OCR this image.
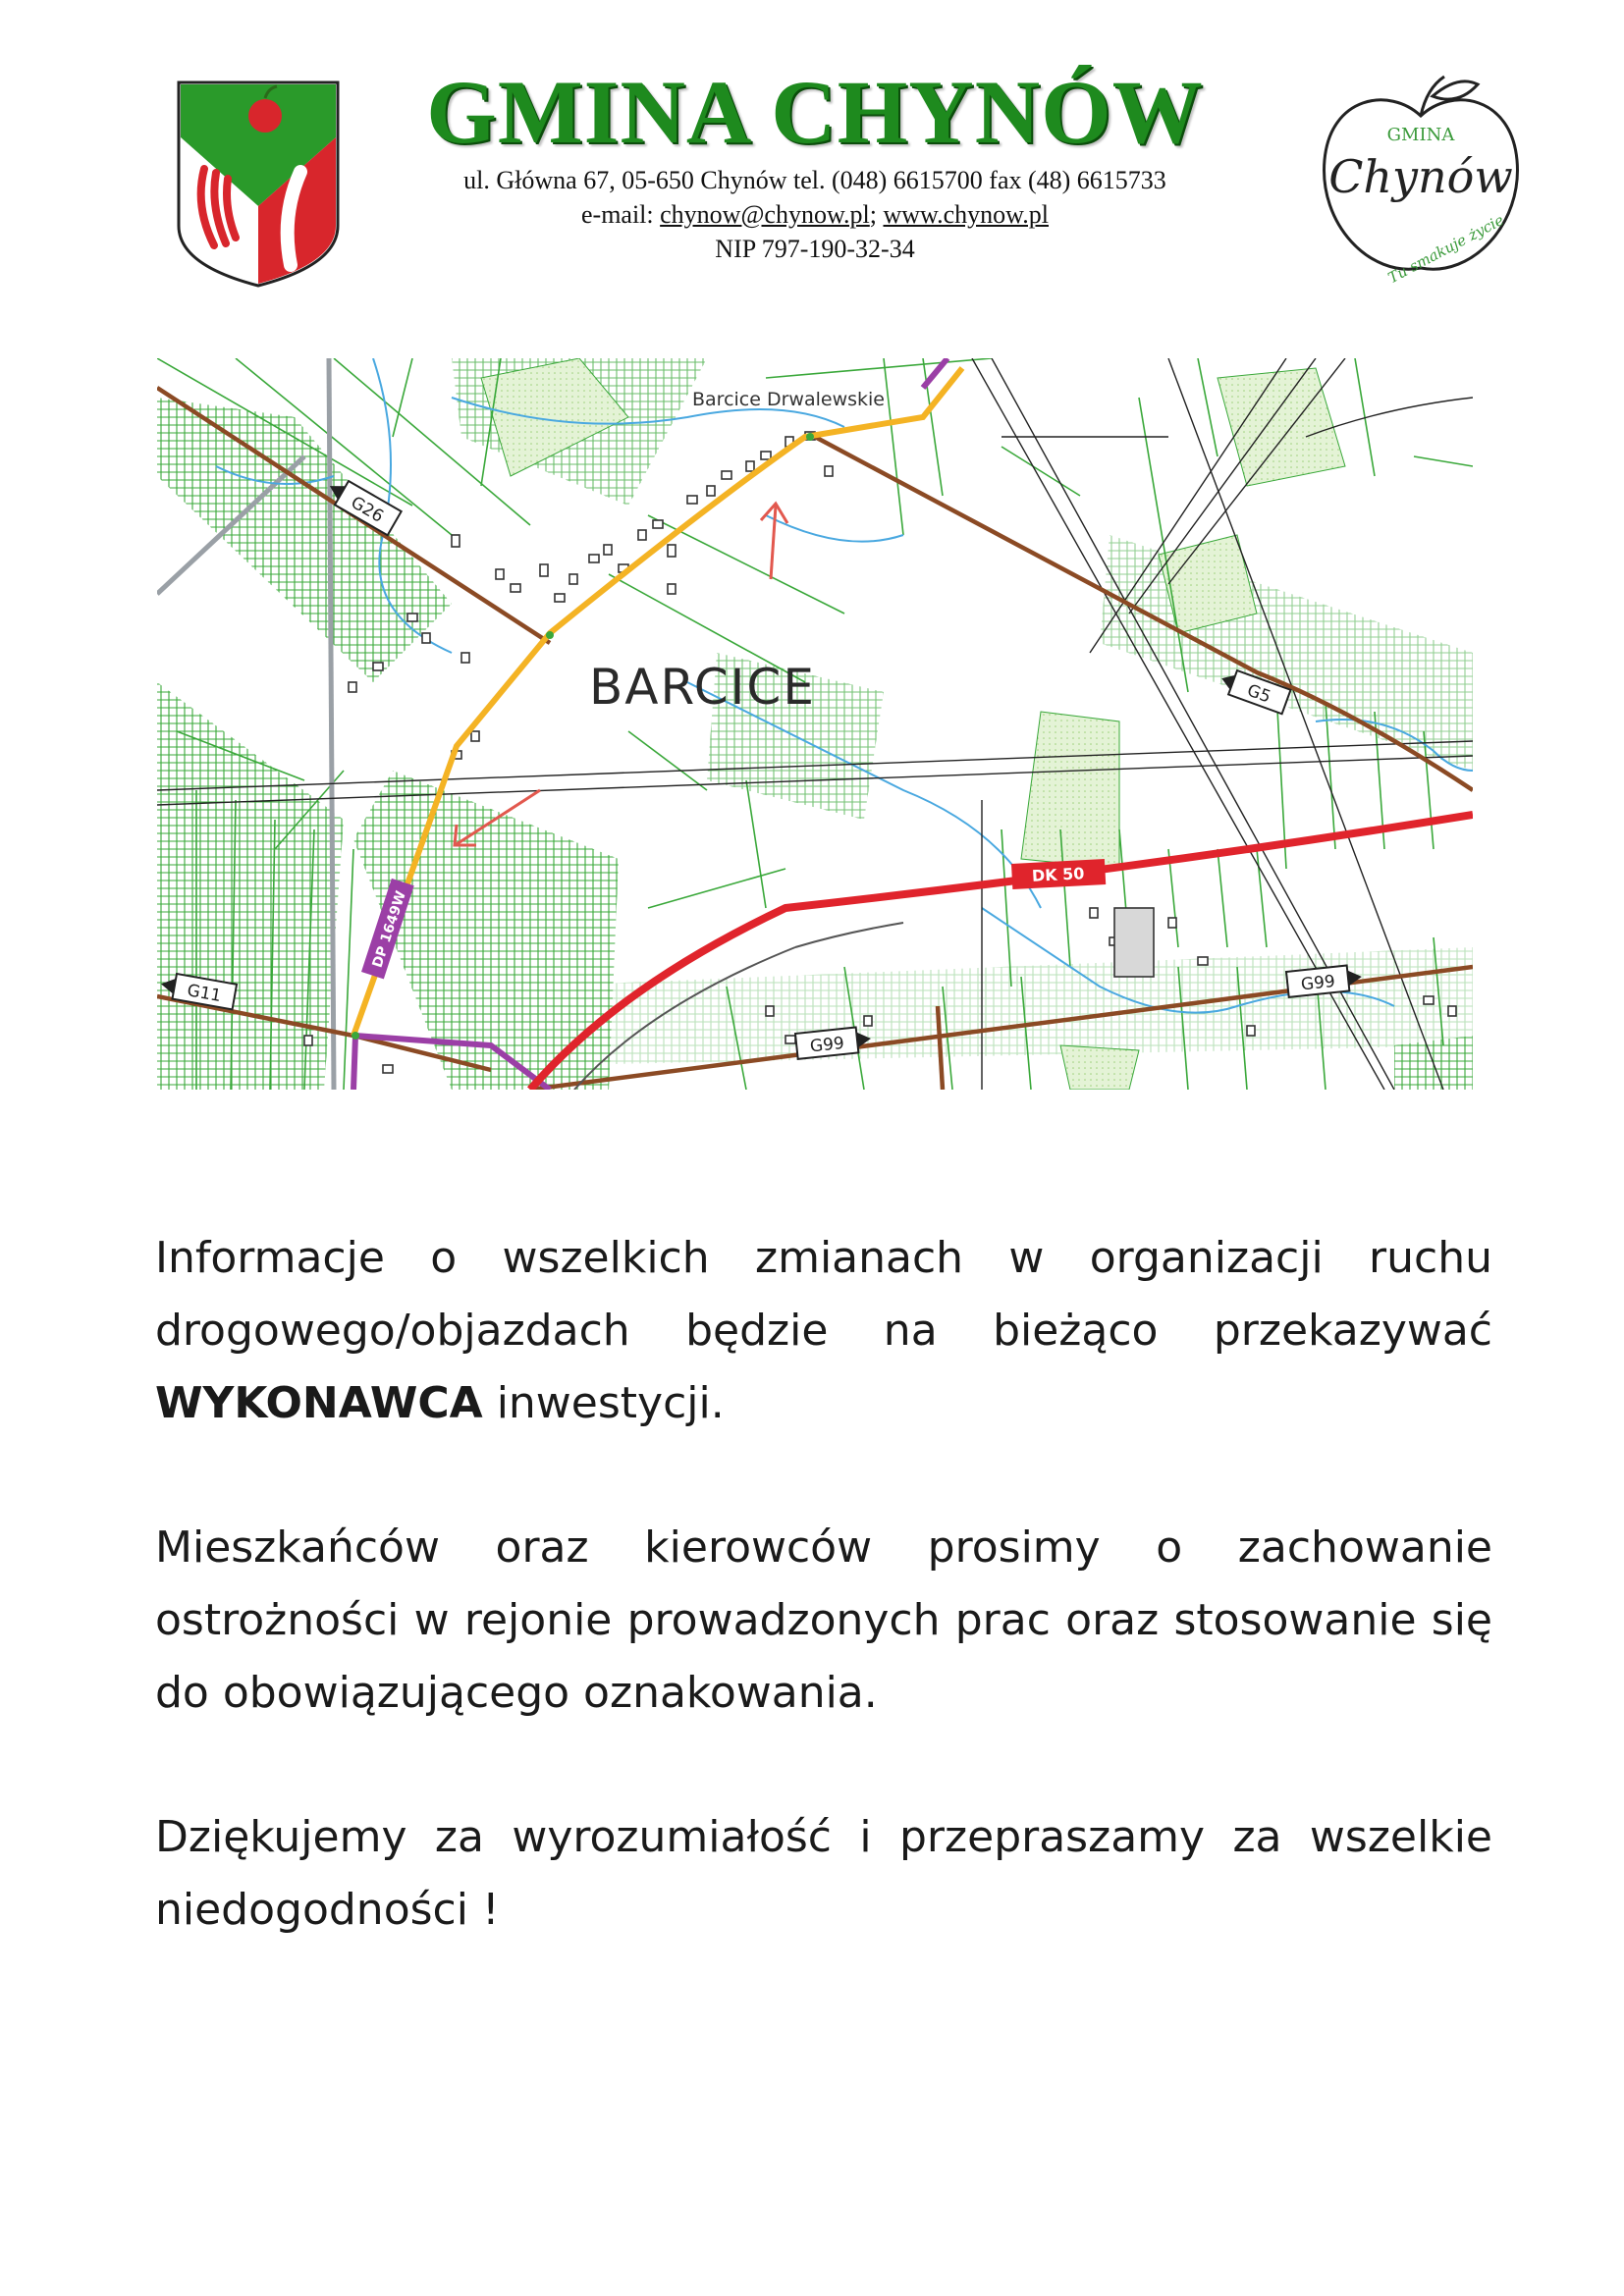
GMINA CHYNÓW
ul. Główna 67, 05-650 Chynów tel. (048) 6615700 fax (48) 6615733
e-mail: chynow@chynow.pl; www.chynow.pl
NIP 797-190-32-34
GMINA
Chynów
Tu smakuje życie
G26
G5
G11
G99
G99
DK 50
DP 1649W
Barcice Drwalewskie
BARCICE
Informacje o wszelkich zmianach w organizacji ruchu drogowego/objazdach będzie na bieżąco przekazywać WYKONAWCA inwestycji.
Mieszkańców oraz kierowców prosimy o zachowanie ostrożności w rejonie prowadzonych prac oraz stosowanie się do obowiązującego oznakowania.
Dziękujemy za wyrozumiałość i przepraszamy za wszelkie niedogodności !
